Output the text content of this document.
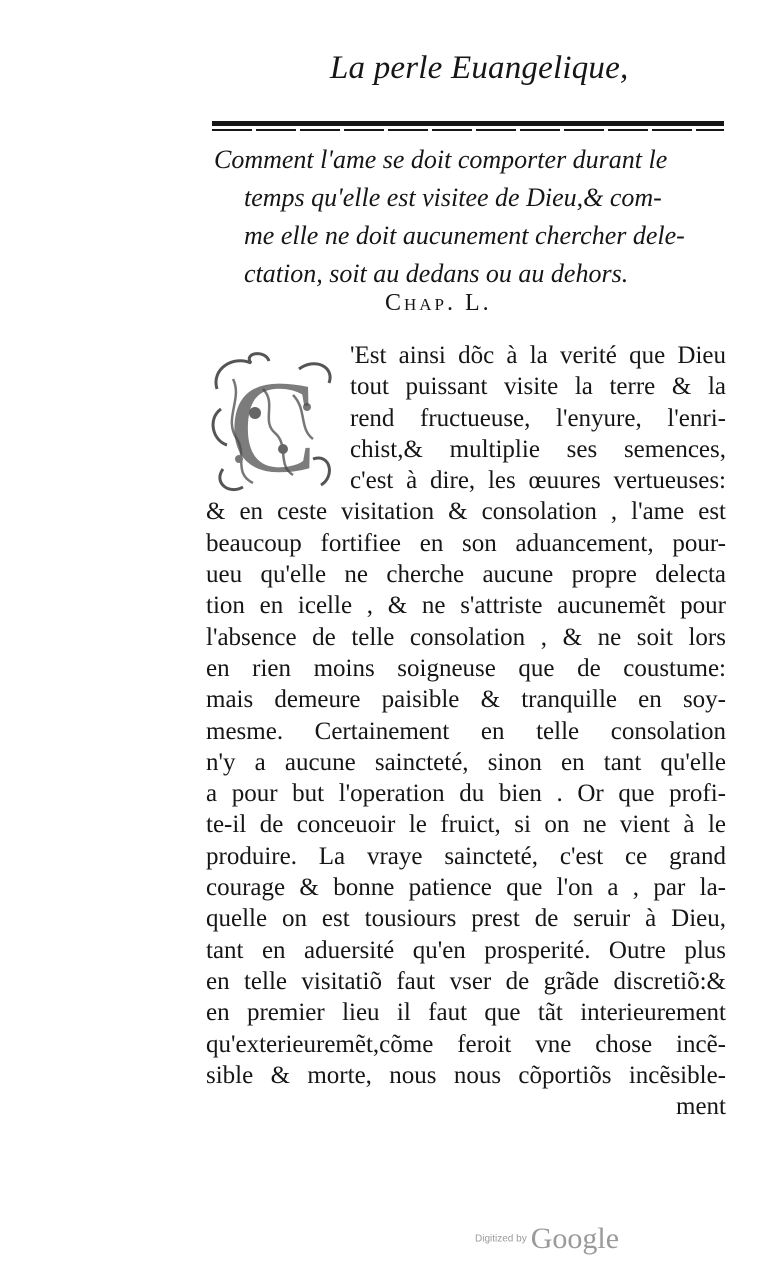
La perle Euangelique,
Comment l'ame se doit comporter durant le
temps qu'elle est visitee de Dieu,& com-
me elle ne doit aucunement chercher dele-
ctation, soit au dedans ou au dehors.
Chap. L.
C	'Est ainsi dõc à la verité que Dieu
tout puissant visite la terre & la
rend fructueuse, l'enyure, l'enri-
chist,& multiplie ses semences,
c'est à dire, les œuures vertueuses:
& en ceste visitation & consolation , l'ame est
beaucoup fortifiee en son aduancement, pour-
ueu qu'elle ne cherche aucune propre delecta
tion en icelle , & ne s'attriste aucunemẽt pour
l'absence de telle consolation , & ne soit lors
en rien moins soigneuse que de coustume:
mais demeure paisible & tranquille en soy-
mesme. Certainement en telle consolation
n'y a aucune saincteté, sinon en tant qu'elle
a pour but l'operation du bien . Or que profi-
te-il de conceuoir le fruict, si on ne vient à le
produire. La vraye saincteté, c'est ce grand
courage & bonne patience que l'on a , par la-
quelle on est tousiours prest de seruir à Dieu,
tant en aduersité qu'en prosperité. Outre plus
en telle visitatiõ faut vser de grãde discretiõ:&
en premier lieu il faut que tãt interieurement
qu'exterieuremẽt,cõme feroit vne chose incẽ-
sible & morte, nous nous cõportiõs incẽsible-
ment
Digitized by Google
